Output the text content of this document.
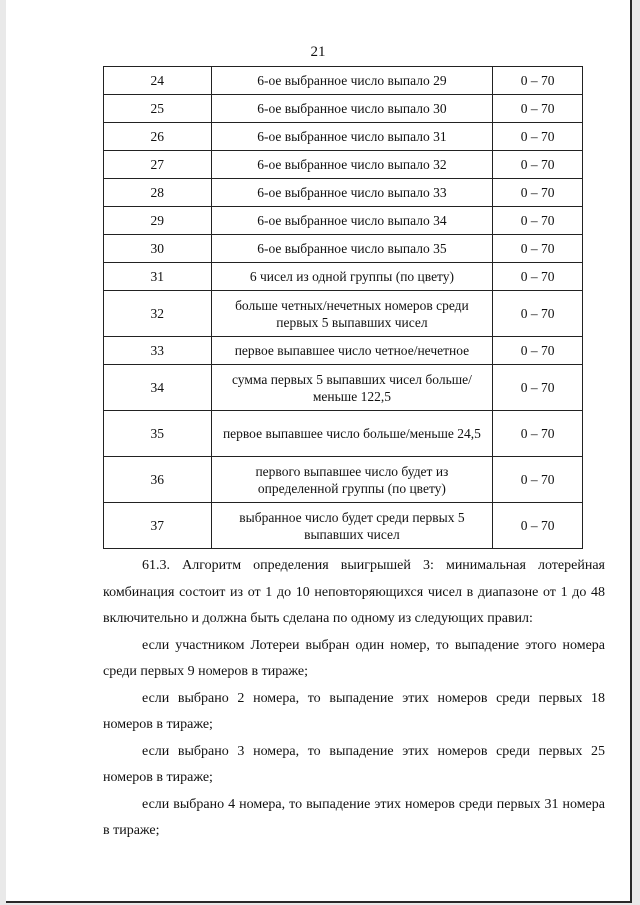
21
24	6-ое выбранное число выпало 29	0 – 70
25	6-ое выбранное число выпало 30	0 – 70
26	6-ое выбранное число выпало 31	0 – 70
27	6-ое выбранное число выпало 32	0 – 70
28	6-ое выбранное число выпало 33	0 – 70
29	6-ое выбранное число выпало 34	0 – 70
30	6-ое выбранное число выпало 35	0 – 70
31	6 чисел из одной группы (по цвету)	0 – 70
32	больше четных/нечетных номеров среди первых 5 выпавших чисел	0 – 70
33	первое выпавшее число четное/нечетное	0 – 70
34	сумма первых 5 выпавших чисел больше/меньше 122,5	0 – 70
35	первое выпавшее число больше/меньше 24,5	0 – 70
36	первого выпавшее число будет из определенной группы (по цвету)	0 – 70
37	выбранное число будет среди первых 5 выпавших чисел	0 – 70

61.3. Алгоритм определения выигрышей 3: минимальная лотерейная комбинация состоит из от 1 до 10 неповторяющихся чисел в диапазоне от 1 до 48 включительно и должна быть сделана по одному из следующих правил:

если участником Лотереи выбран один номер, то выпадение этого номера среди первых 9 номеров в тираже;

если выбрано 2 номера, то выпадение этих номеров среди первых 18 номеров в тираже;

если выбрано 3 номера, то выпадение этих номеров среди первых 25 номеров в тираже;

если выбрано 4 номера, то выпадение этих номеров среди первых 31 номера в тираже;
